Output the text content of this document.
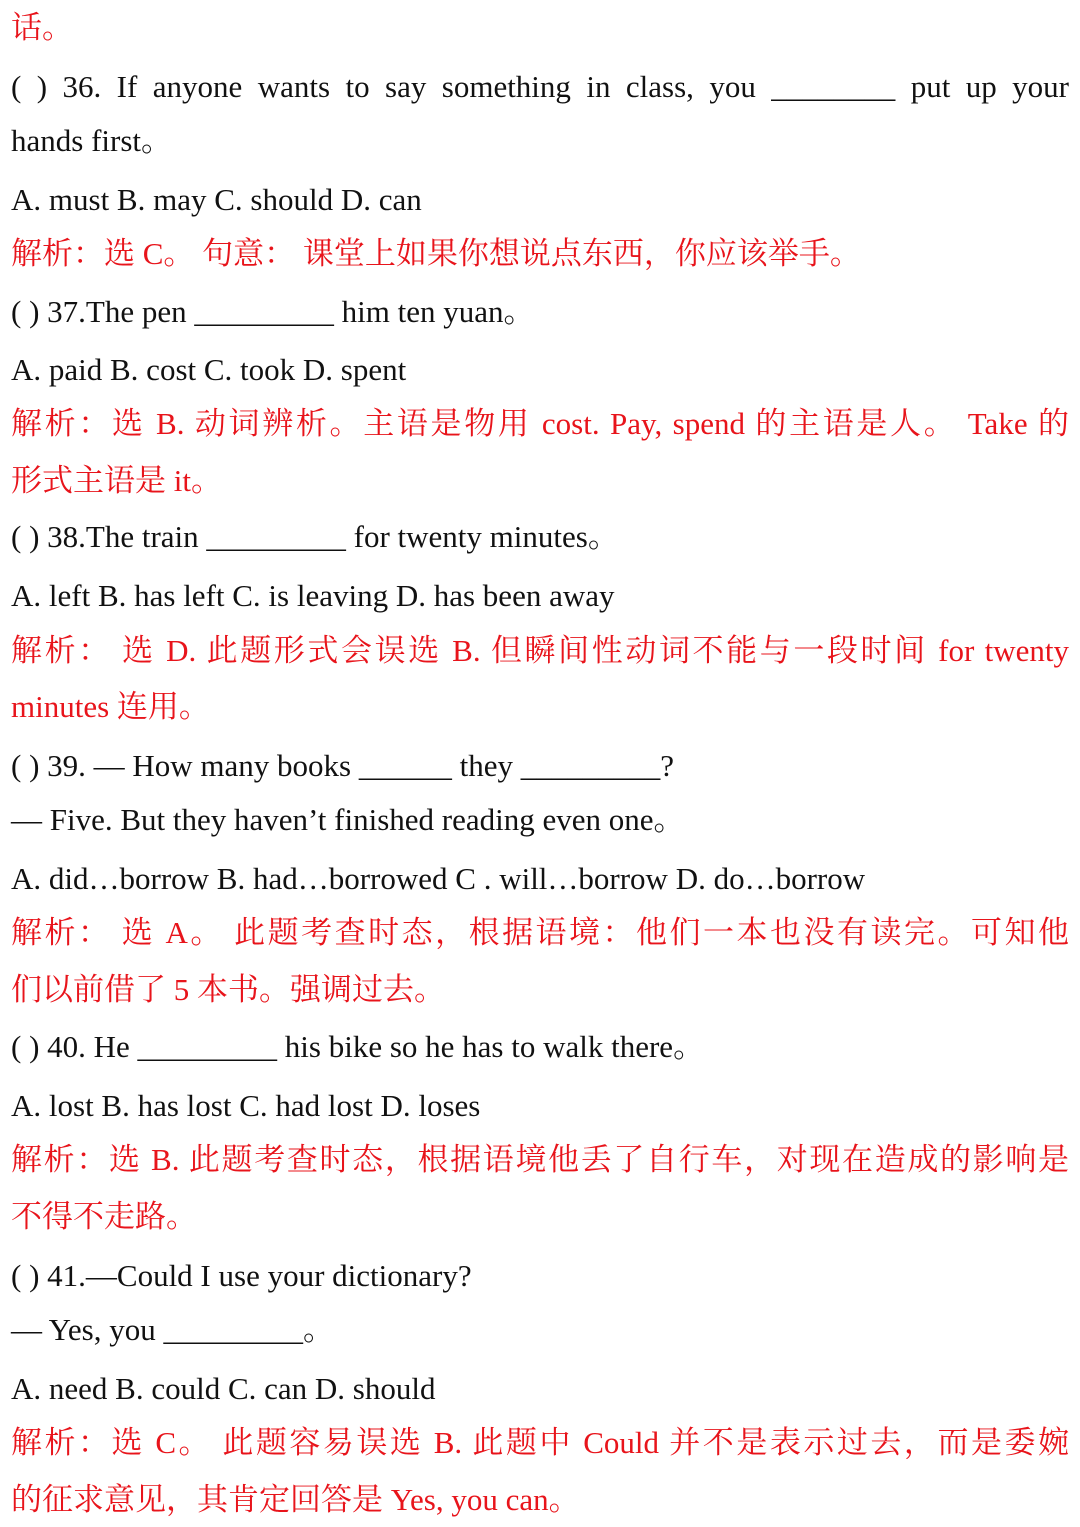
话。
( ) 36. If anyone wants to say something in class, you ________ put up your
hands first。
A. must B. may C. should D. can
解析：选 C。 句意： 课堂上如果你想说点东西，你应该举手。
( ) 37.The pen _________ him ten yuan。
A. paid B. cost C. took D. spent
解析：选 B. 动词辨析。主语是物用 cost. Pay, spend 的主语是人。 Take 的
形式主语是 it。
( ) 38.The train _________ for twenty minutes。
A. left B. has left C. is leaving D. has been away
解析： 选 D. 此题形式会误选 B. 但瞬间性动词不能与一段时间 for twenty
minutes 连用。
( ) 39. — How many books ______ they _________?
— Five. But they haven’t finished reading even one。
A. did…borrow B. had…borrowed C . will…borrow D. do…borrow
解析： 选 A。 此题考查时态，根据语境：他们一本也没有读完。可知他
们以前借了 5 本书。强调过去。
( ) 40. He _________ his bike so he has to walk there。
A. lost B. has lost C. had lost D. loses
解析：选 B. 此题考查时态，根据语境他丢了自行车，对现在造成的影响是
不得不走路。
( ) 41.—Could I use your dictionary?
— Yes, you _________。
A. need B. could C. can D. should
解析：选 C。 此题容易误选 B. 此题中 Could 并不是表示过去，而是委婉
的征求意见，其肯定回答是 Yes, you can。
